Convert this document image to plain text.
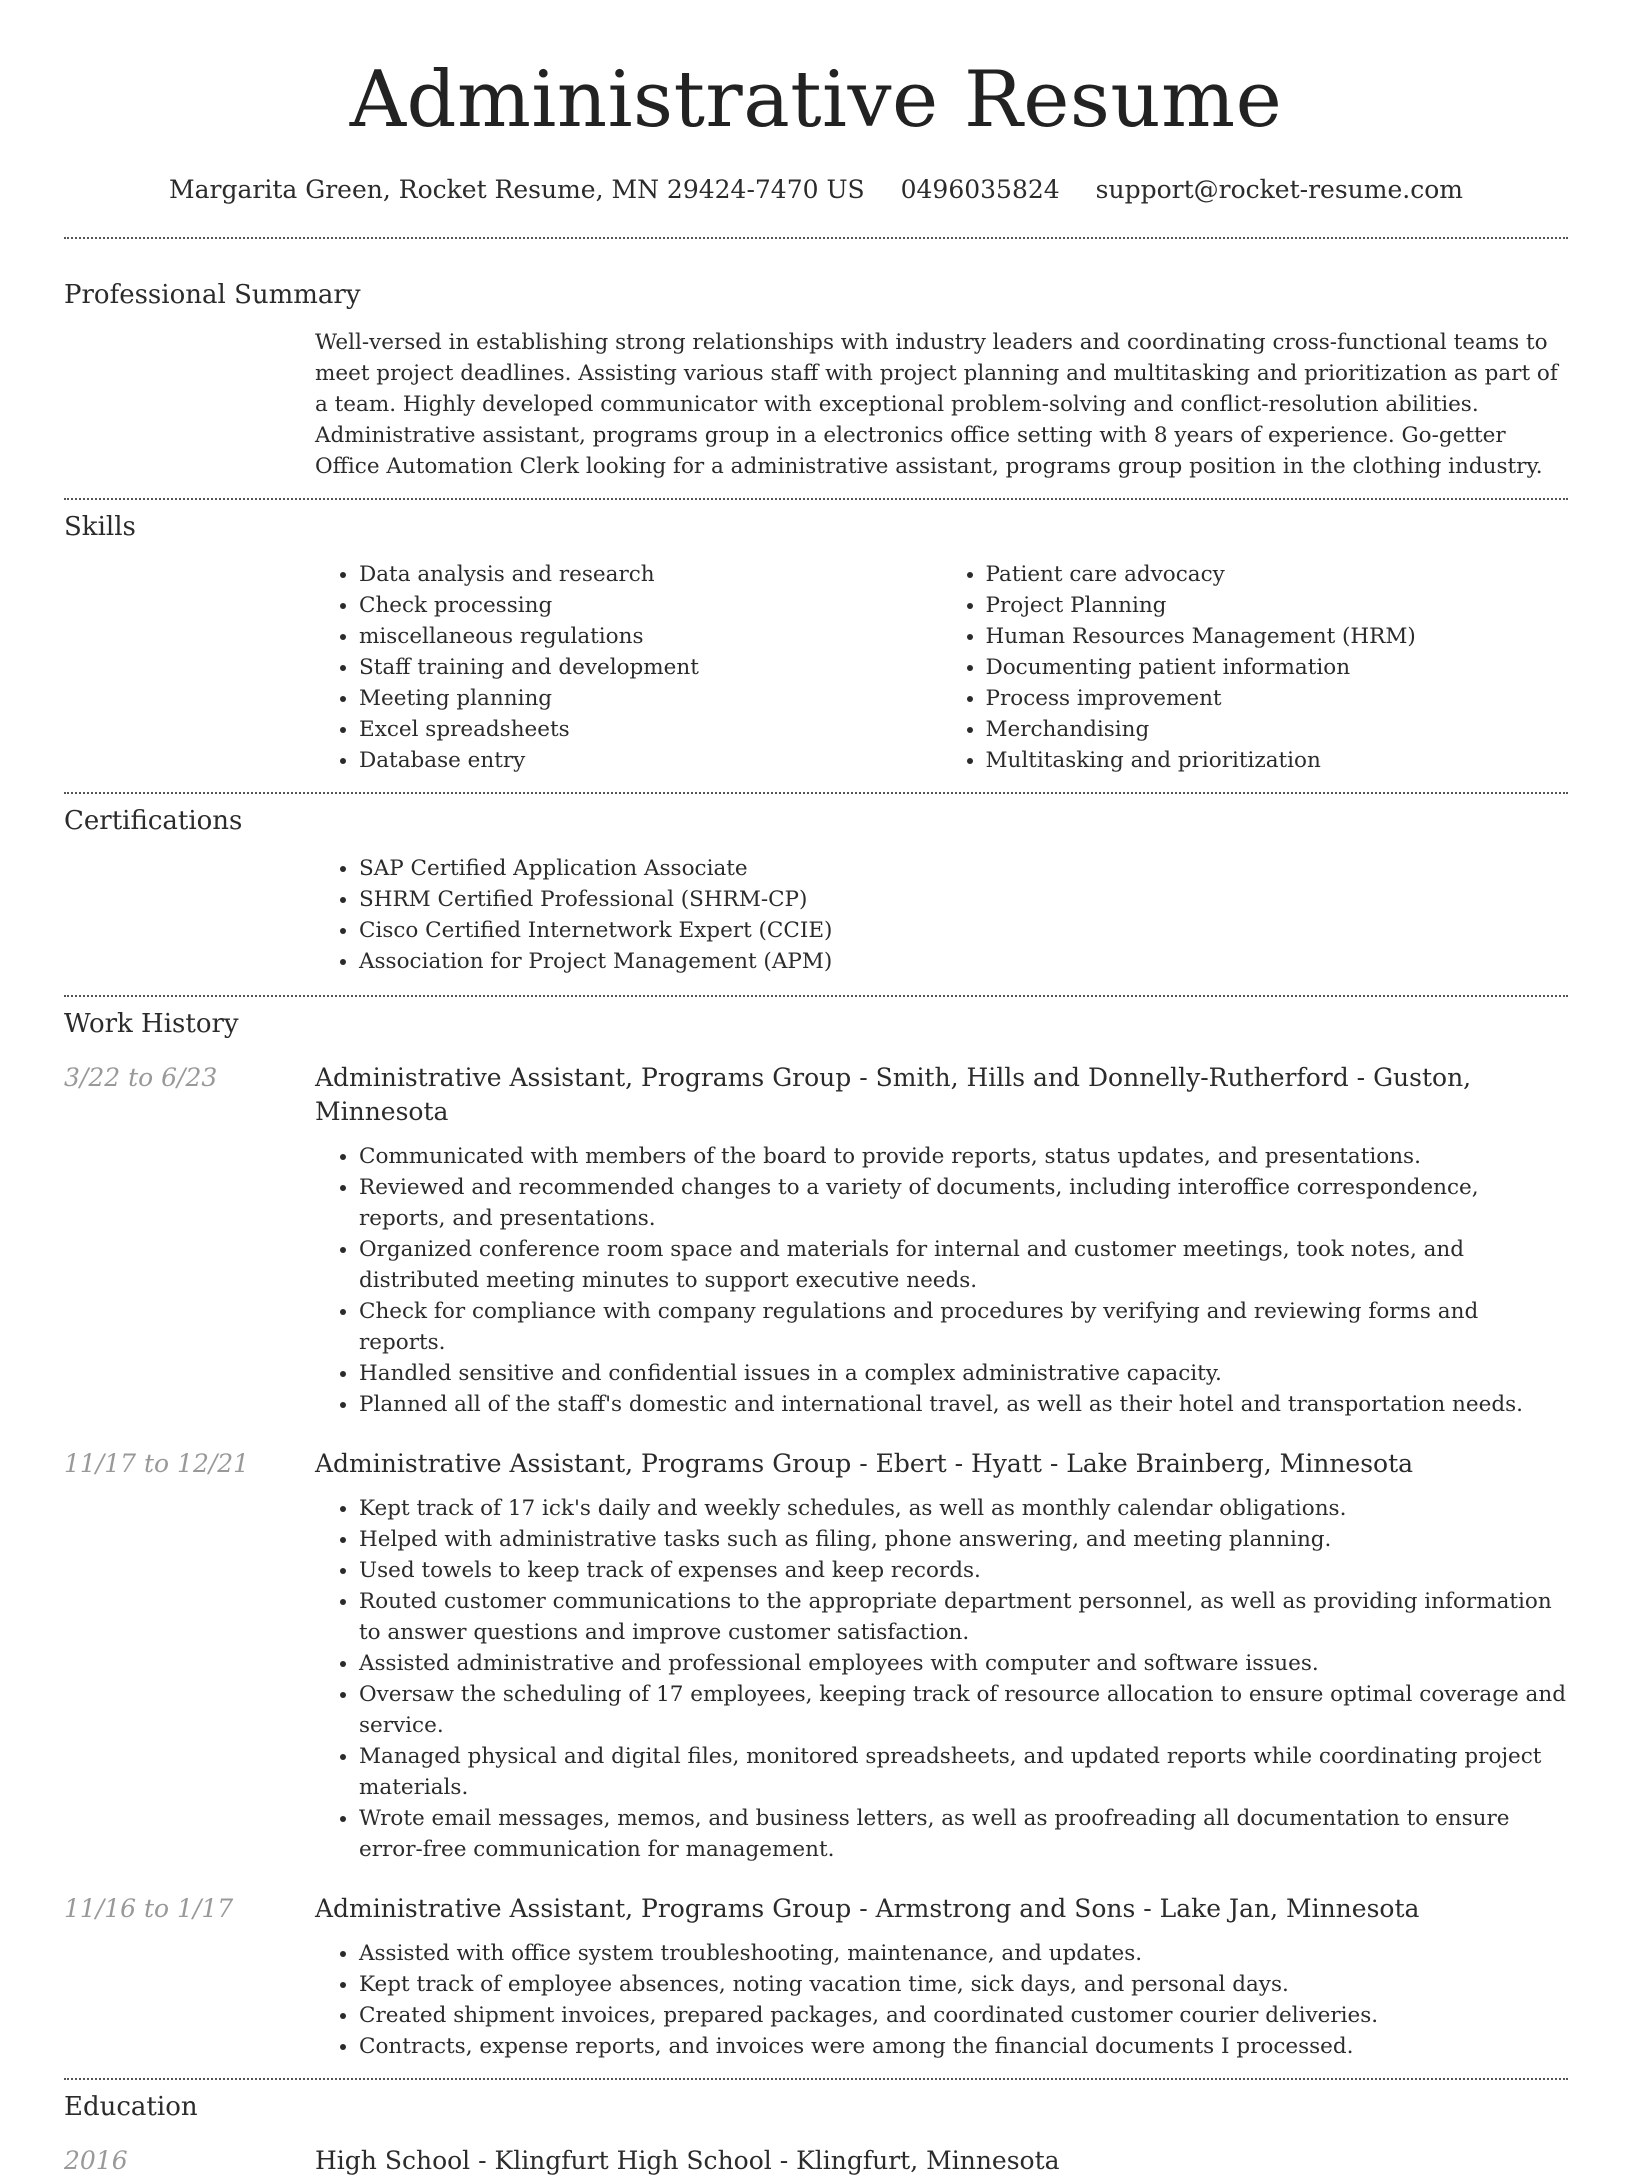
Administrative Resume
Margarita Green, Rocket Resume, MN 29424-7470 US 0496035824 support@rocket-resume.com
Professional Summary
Well-versed in establishing strong relationships with industry leaders and coordinating cross-functional teams to meet project deadlines. Assisting various staff with project planning and multitasking and prioritization as part of a team. Highly developed communicator with exceptional problem-solving and conflict-resolution abilities. Administrative assistant, programs group in a electronics office setting with 8 years of experience. Go-getter Office Automation Clerk looking for a administrative assistant, programs group position in the clothing industry.
Skills
• Data analysis and research
• Check processing
• miscellaneous regulations
• Staff training and development
• Meeting planning
• Excel spreadsheets
• Database entry
• Patient care advocacy
• Project Planning
• Human Resources Management (HRM)
• Documenting patient information
• Process improvement
• Merchandising
• Multitasking and prioritization
Certifications
• SAP Certified Application Associate
• SHRM Certified Professional (SHRM-CP)
• Cisco Certified Internetwork Expert (CCIE)
• Association for Project Management (APM)
Work History
3/22 to 6/23	Administrative Assistant, Programs Group - Smith, Hills and Donnelly-Rutherford - Guston, Minnesota
• Communicated with members of the board to provide reports, status updates, and presentations.
• Reviewed and recommended changes to a variety of documents, including interoffice correspondence, reports, and presentations.
• Organized conference room space and materials for internal and customer meetings, took notes, and distributed meeting minutes to support executive needs.
• Check for compliance with company regulations and procedures by verifying and reviewing forms and reports.
• Handled sensitive and confidential issues in a complex administrative capacity.
• Planned all of the staff's domestic and international travel, as well as their hotel and transportation needs.
11/17 to 12/21	Administrative Assistant, Programs Group - Ebert - Hyatt - Lake Brainberg, Minnesota
• Kept track of 17 ick's daily and weekly schedules, as well as monthly calendar obligations.
• Helped with administrative tasks such as filing, phone answering, and meeting planning.
• Used towels to keep track of expenses and keep records.
• Routed customer communications to the appropriate department personnel, as well as providing information to answer questions and improve customer satisfaction.
• Assisted administrative and professional employees with computer and software issues.
• Oversaw the scheduling of 17 employees, keeping track of resource allocation to ensure optimal coverage and service.
• Managed physical and digital files, monitored spreadsheets, and updated reports while coordinating project materials.
• Wrote email messages, memos, and business letters, as well as proofreading all documentation to ensure error-free communication for management.
11/16 to 1/17	Administrative Assistant, Programs Group - Armstrong and Sons - Lake Jan, Minnesota
• Assisted with office system troubleshooting, maintenance, and updates.
• Kept track of employee absences, noting vacation time, sick days, and personal days.
• Created shipment invoices, prepared packages, and coordinated customer courier deliveries.
• Contracts, expense reports, and invoices were among the financial documents I processed.
Education
2016	High School - Klingfurt High School - Klingfurt, Minnesota
